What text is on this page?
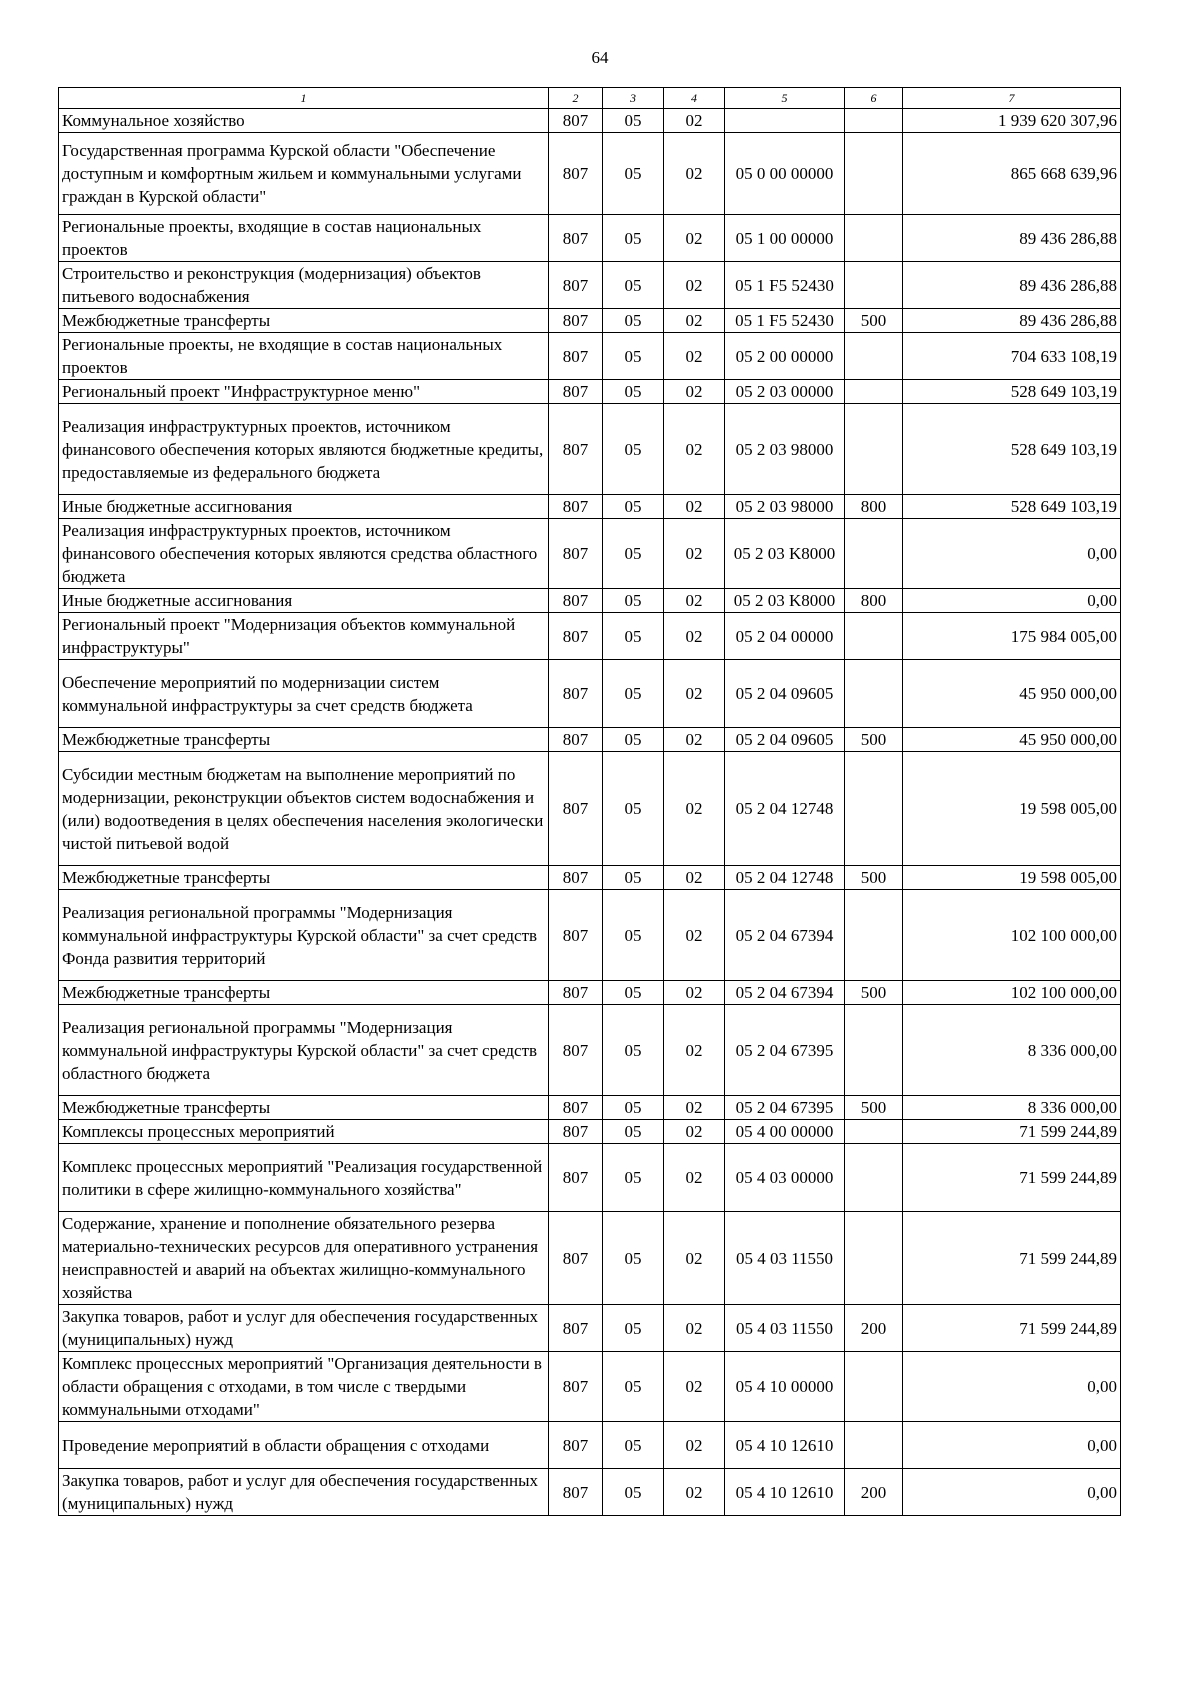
64
1	2	3	4	5	6	7
Коммунальное хозяйство	807	05	02			1 939 620 307,96
Государственная программа Курской области "Обеспечение доступным и комфортным жильем и коммунальными услугами граждан в Курской области"	807	05	02	05 0 00 00000		865 668 639,96
Региональные проекты, входящие в состав национальных проектов	807	05	02	05 1 00 00000		89 436 286,88
Строительство и реконструкция (модернизация) объектов питьевого водоснабжения	807	05	02	05 1 F5 52430		89 436 286,88
Межбюджетные трансферты	807	05	02	05 1 F5 52430	500	89 436 286,88
Региональные проекты, не входящие в состав национальных проектов	807	05	02	05 2 00 00000		704 633 108,19
Региональный проект "Инфраструктурное меню"	807	05	02	05 2 03 00000		528 649 103,19
Реализация инфраструктурных проектов, источником финансового обеспечения которых являются бюджетные кредиты, предоставляемые из федерального бюджета	807	05	02	05 2 03 98000		528 649 103,19
Иные бюджетные ассигнования	807	05	02	05 2 03 98000	800	528 649 103,19
Реализация инфраструктурных проектов, источником финансового обеспечения которых являются средства областного бюджета	807	05	02	05 2 03 K8000		0,00
Иные бюджетные ассигнования	807	05	02	05 2 03 K8000	800	0,00
Региональный проект "Модернизация объектов коммунальной инфраструктуры"	807	05	02	05 2 04 00000		175 984 005,00
Обеспечение мероприятий по модернизации систем коммунальной инфраструктуры за счет средств бюджета	807	05	02	05 2 04 09605		45 950 000,00
Межбюджетные трансферты	807	05	02	05 2 04 09605	500	45 950 000,00
Субсидии местным бюджетам на выполнение мероприятий по модернизации, реконструкции объектов систем водоснабжения и (или) водоотведения в целях обеспечения населения экологически чистой питьевой водой	807	05	02	05 2 04 12748		19 598 005,00
Межбюджетные трансферты	807	05	02	05 2 04 12748	500	19 598 005,00
Реализация региональной программы "Модернизация коммунальной инфраструктуры Курской области" за счет средств Фонда развития территорий	807	05	02	05 2 04 67394		102 100 000,00
Межбюджетные трансферты	807	05	02	05 2 04 67394	500	102 100 000,00
Реализация региональной программы "Модернизация коммунальной инфраструктуры Курской области" за счет средств областного бюджета	807	05	02	05 2 04 67395		8 336 000,00
Межбюджетные трансферты	807	05	02	05 2 04 67395	500	8 336 000,00
Комплексы процессных мероприятий	807	05	02	05 4 00 00000		71 599 244,89
Комплекс процессных мероприятий "Реализация государственной политики в сфере жилищно-коммунального хозяйства"	807	05	02	05 4 03 00000		71 599 244,89
Содержание, хранение и пополнение обязательного резерва материально-технических ресурсов для оперативного устранения неисправностей и аварий на объектах жилищно-коммунального хозяйства	807	05	02	05 4 03 11550		71 599 244,89
Закупка товаров, работ и услуг для обеспечения государственных (муниципальных) нужд	807	05	02	05 4 03 11550	200	71 599 244,89
Комплекс процессных мероприятий "Организация деятельности в области обращения с отходами, в том числе с твердыми коммунальными отходами"	807	05	02	05 4 10 00000		0,00
Проведение мероприятий в области обращения с отходами	807	05	02	05 4 10 12610		0,00
Закупка товаров, работ и услуг для обеспечения государственных (муниципальных) нужд	807	05	02	05 4 10 12610	200	0,00
